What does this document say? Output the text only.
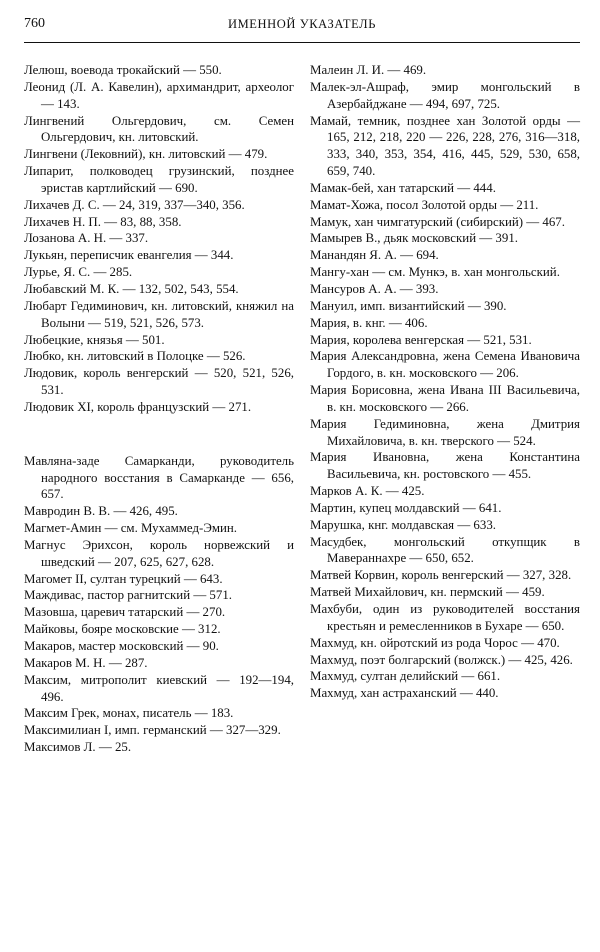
760	ИМЕННОЙ УКАЗАТЕЛЬ
Лелюш, воевода трокайский — 550.
Леонид (Л. А. Кавелин), архимандрит, археолог — 143.
Лингвений Ольгердович, см. Семен Ольгердович, кн. литовский.
Лингвени (Лековний), кн. литовский — 479.
Липарит, полководец грузинский, позднее эристав картлийский — 690.
Лихачев Д. С. — 24, 319, 337—340, 356.
Лихачев Н. П. — 83, 88, 358.
Лозанова А. Н. — 337.
Лукьян, переписчик евангелия — 344.
Лурье, Я. С. — 285.
Любавский М. К. — 132, 502, 543, 554.
Любарт Гедиминович, кн. литовский, княжил на Волыни — 519, 521, 526, 573.
Любецкие, князья — 501.
Любко, кн. литовский в Полоцке — 526.
Людовик, король венгерский — 520, 521, 526, 531.
Людовик XI, король французский — 271.
Мавляна-заде Самарканди, руководитель народного восстания в Самарканде — 656, 657.
Мавродин В. В. — 426, 495.
Магмет-Амин — см. Мухаммед-Эмин.
Магнус Эрихсон, король норвежский и шведский — 207, 625, 627, 628.
Магомет II, султан турецкий — 643.
Маждивас, пастор рагнитский — 571.
Мазовша, царевич татарский — 270.
Майковы, бояре московские — 312.
Макаров, мастер московский — 90.
Макаров М. Н. — 287.
Максим, митрополит киевский — 192—194, 496.
Максим Грек, монах, писатель — 183.
Максимилиан I, имп. германский — 327—329.
Максимов Л. — 25.
Малеин Л. И. — 469.
Малек-эл-Ашраф, эмир монгольский в Азербайджане — 494, 697, 725.
Мамай, темник, позднее хан Золотой орды — 165, 212, 218, 220 — 226, 228, 276, 316—318, 333, 340, 353, 354, 416, 445, 529, 530, 658, 659, 740.
Мамак-бей, хан татарский — 444.
Мамат-Хожа, посол Золотой орды — 211.
Мамук, хан чимгатурский (сибирский) — 467.
Мамырев В., дьяк московский — 391.
Манандян Я. А. — 694.
Мангу-хан — см. Мункэ, в. хан монгольский.
Мансуров А. А. — 393.
Мануил, имп. византийский — 390.
Мария, в. кнг. — 406.
Мария, королева венгерская — 521, 531.
Мария Александровна, жена Семена Ивановича Гордого, в. кн. московского — 206.
Мария Борисовна, жена Ивана III Васильевича, в. кн. московского — 266.
Мария Гедиминовна, жена Дмитрия Михайловича, в. кн. тверского — 524.
Мария Ивановна, жена Константина Васильевича, кн. ростовского — 455.
Марков А. К. — 425.
Мартин, купец молдавский — 641.
Марушка, кнг. молдавская — 633.
Масудбек, монгольский откупщик в Мавераннахре — 650, 652.
Матвей Корвин, король венгерский — 327, 328.
Матвей Михайлович, кн. пермский — 459.
Махбуби, один из руководителей восстания крестьян и ремесленников в Бухаре — 650.
Махмуд, кн. ойротский из рода Чорос — 470.
Махмуд, поэт болгарский (волжск.) — 425, 426.
Махмуд, султан делийский — 661.
Махмуд, хан астраханский — 440.
